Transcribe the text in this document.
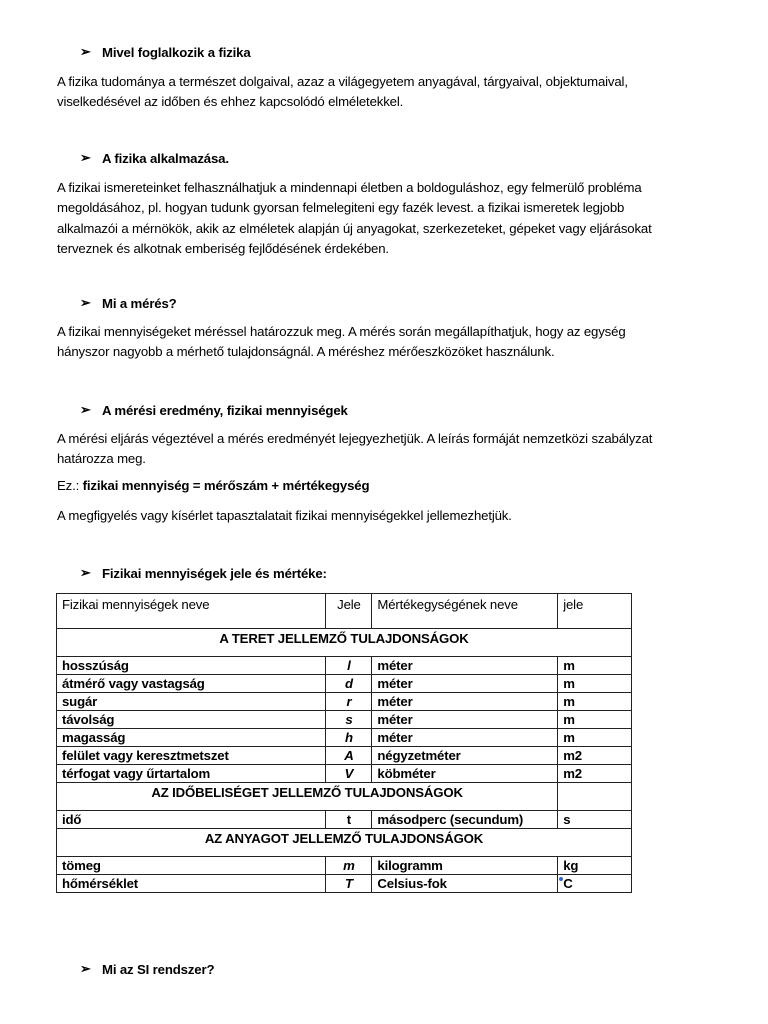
➢ Mivel foglalkozik a fizika
A fizika tudománya a természet dolgaival, azaz a világegyetem anyagával, tárgyaival, objektumaival,
viselkedésével az időben és ehhez kapcsolódó elméletekkel.
➢ A fizika alkalmazása.
A fizikai ismereteinket felhasználhatjuk a mindennapi életben a boldoguláshoz, egy felmerülő probléma
megoldásához, pl. hogyan tudunk gyorsan felmelegiteni egy fazék levest. a fizikai ismeretek legjobb
alkalmazói a mérnökök, akik az elméletek alapján új anyagokat, szerkezeteket, gépeket vagy eljárásokat
terveznek és alkotnak emberiség fejlődésének érdekében.
➢ Mi a mérés?
A fizikai mennyiségeket méréssel határozzuk meg. A mérés során megállapíthatjuk, hogy az egység
hányszor nagyobb a mérhető tulajdonságnál. A méréshez mérőeszközöket használunk.
➢ A mérési eredmény, fizikai mennyiségek
A mérési eljárás végeztével a mérés eredményét lejegyezhetjük. A leírás formáját nemzetközi szabályzat
határozza meg.
Ez.: fizikai mennyiség = mérőszám + mértékegység
A megfigyelés vagy kísérlet tapasztalatait fizikai mennyiségekkel jellemezhetjük.
➢ Fizikai mennyiségek jele és mértéke:
Fizikai mennyiségek neve	Jele	Mértékegységének neve	jele
A TERET JELLEMZŐ TULAJDONSÁGOK			
hosszúság	l	méter	m
átmérő vagy vastagság	d	méter	m
sugár	r	méter	m
távolság	s	méter	m
magasság	h	méter	m
felület vagy keresztmetszet	A	négyzetméter	m2
térfogat vagy űrtartalom	V	köbméter	m2
AZ IDŐBELISÉGET JELLEMZŐ TULAJDONSÁGOK			
idő	t	másodperc (secundum)	s
AZ ANYAGOT JELLEMZŐ TULAJDONSÁGOK			
tömeg	m	kilogramm	kg
hőmérséklet	T	Celsius-fok	C
➢ Mi az SI rendszer?
